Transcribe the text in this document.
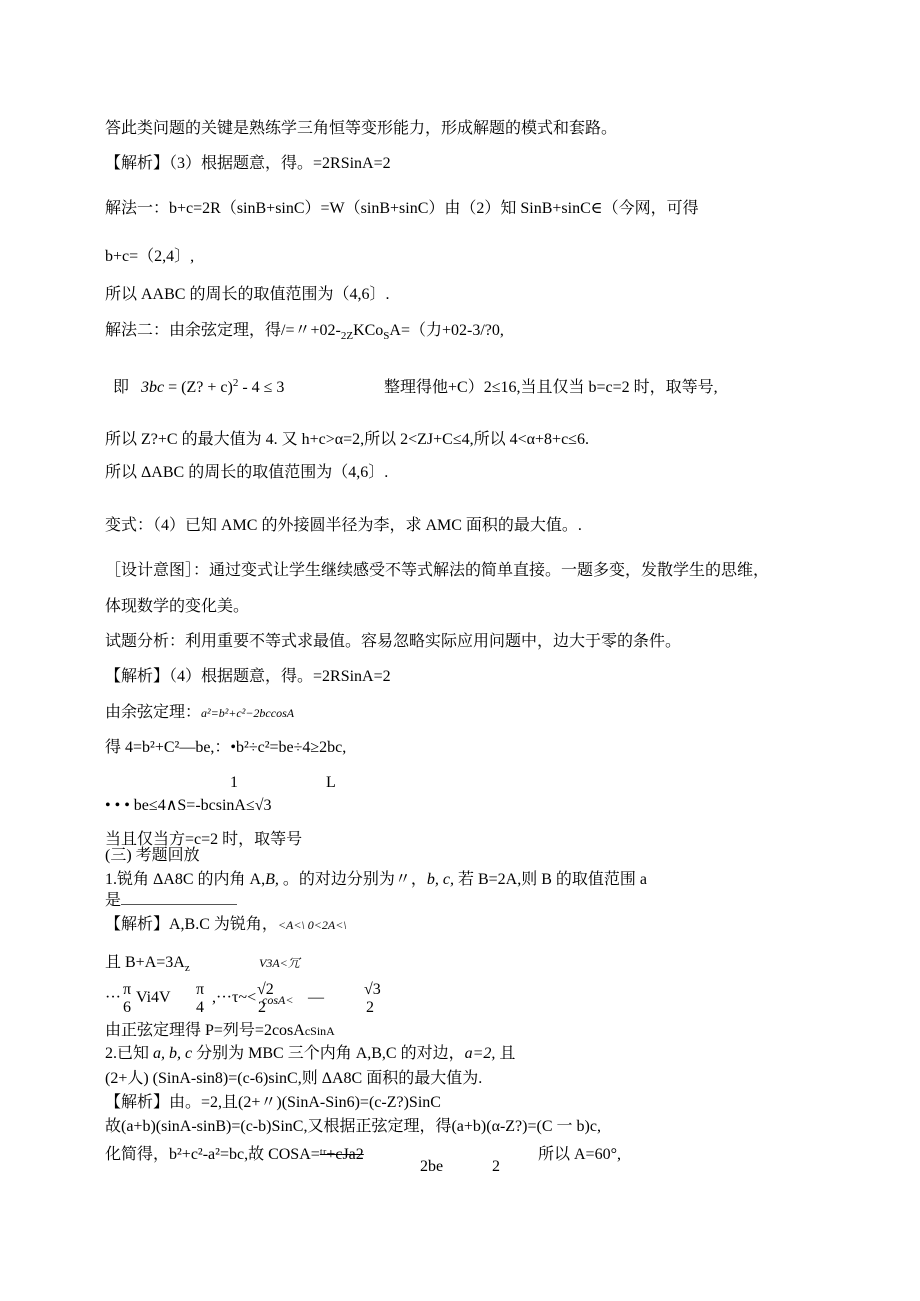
答此类问题的关键是熟练学三角恒等变形能力，形成解题的模式和套路。
【解析】（3）根据题意，得。=2RSinA=2
解法一：b+c=2R（sinB+sinC）=W（sinB+sinC）由（2）知 SinB+sinC∈（今网，可得
b+c=（2,4〕,
所以 AABC 的周长的取值范围为（4,6〕.
解法二：由余弦定理，得/=〃$+02-_{2Z}KCo_SA=$（力+02-3/?0,
即 3bc = (Z? + c)$^2$ - 4 ≤ 3	整理得他+C）2≤16,当且仅当 b=c=2 时，取等号,
所以 Z?+C 的最大值为 4. 又 h+c>α=2,所以 2<ZJ+C≤4,所以 4<α+8+c≤6.
所以 ΔABC 的周长的取值范围为（4,6〕.
变式：（4）已知 AMC 的外接圆半径为李，求 AMC 面积的最大值。.
［设计意图］：通过变式让学生继续感受不等式解法的简单直接。一题多变，发散学生的思维，
体现数学的变化美。
试题分析：利用重要不等式求最值。容易忽略实际应用问题中，边大于零的条件。
【解析】（4）根据题意，得。=2RSinA=2
由余弦定理：a²=b²+c²−2bccosA
得 4=b²+C²—be,：•b²÷c²=be÷4≥2bc,
1	L
• • • be≤4∧S=-bcsinA≤√3
当且仅当方=c=2 时，取等号
(三) 考题回放
1.锐角 ΔA8C 的内角 A,B, 。的对边分别为〃，b, c, 若 B=2A,则 B 的取值范围 a
是
【解析】A,B.C 为锐角，<A<\ 0<2A<\
且 $B+A=3A_z$	V3A<冗
··· π
6
Vi4V π
4
,···τ~< cosA< —
√2
2
√3
2
由正弦定理得 P=列号=2cosAcSinA
2.已知 a, b, c 分别为 MBC 三个内角 A,B,C 的对边，a=2, 且
(2+人) (SinA-sin8)=(c-6)sinC,则 ΔA8C 面积的最大值为.
【解析】由。=2,且(2+〃)(SinA-Sin6)=(c-Z?)SinC
故(a+b)(sinA-sinB)=(c-b)SinC,又根据正弦定理，得(a+b)(α-Z?)=(C 一 b)c,
化简得，b²+c²-a²=bc,故 COSA=ᵗʳ+cJa2
2be	2
所以 A=60°,
